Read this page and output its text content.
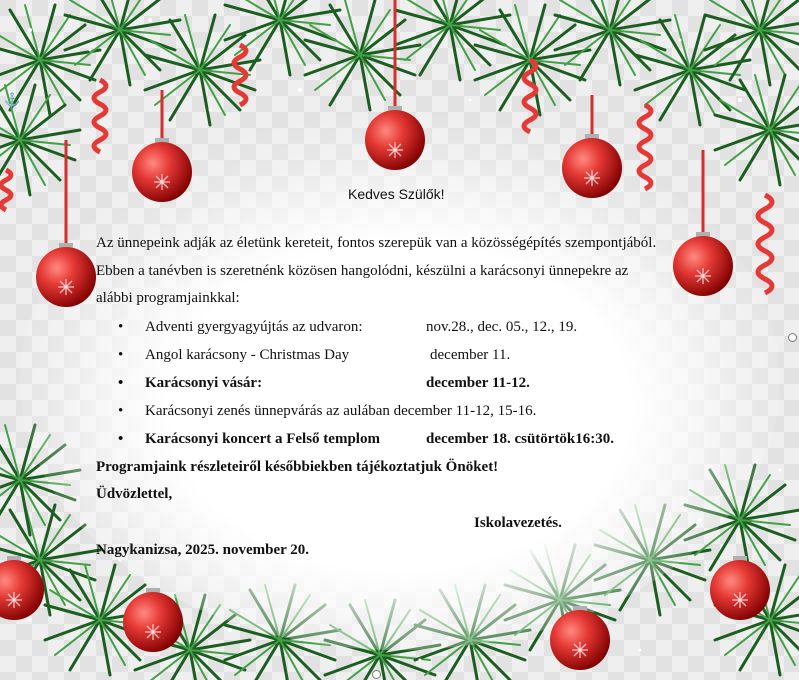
⚓
Kedves Szülők!
Az ünnepeink adják az életünk kereteit, fontos szerepük van a közösségépítés szempontjából.
Ebben a tanévben is szeretnénk közösen hangolódni, készülni a karácsonyi ünnepekre az
alábbi programjainkkal:
• Adventi gyergyagyújtás az udvaron:	nov.28., dec. 05., 12., 19.
• Angol karácsony - Christmas Day	december 11.
• Karácsonyi vásár:	december 11-12.
• Karácsonyi zenés ünnepvárás az aulában december 11-12, 15-16.
• Karácsonyi koncert a Felső templom	december 18. csütörtök16:30.
Programjaink részleteiről későbbiekben tájékoztatjuk Önöket!
Üdvözlettel,
Iskolavezetés.
Nagykanizsa, 2025. november 20.
